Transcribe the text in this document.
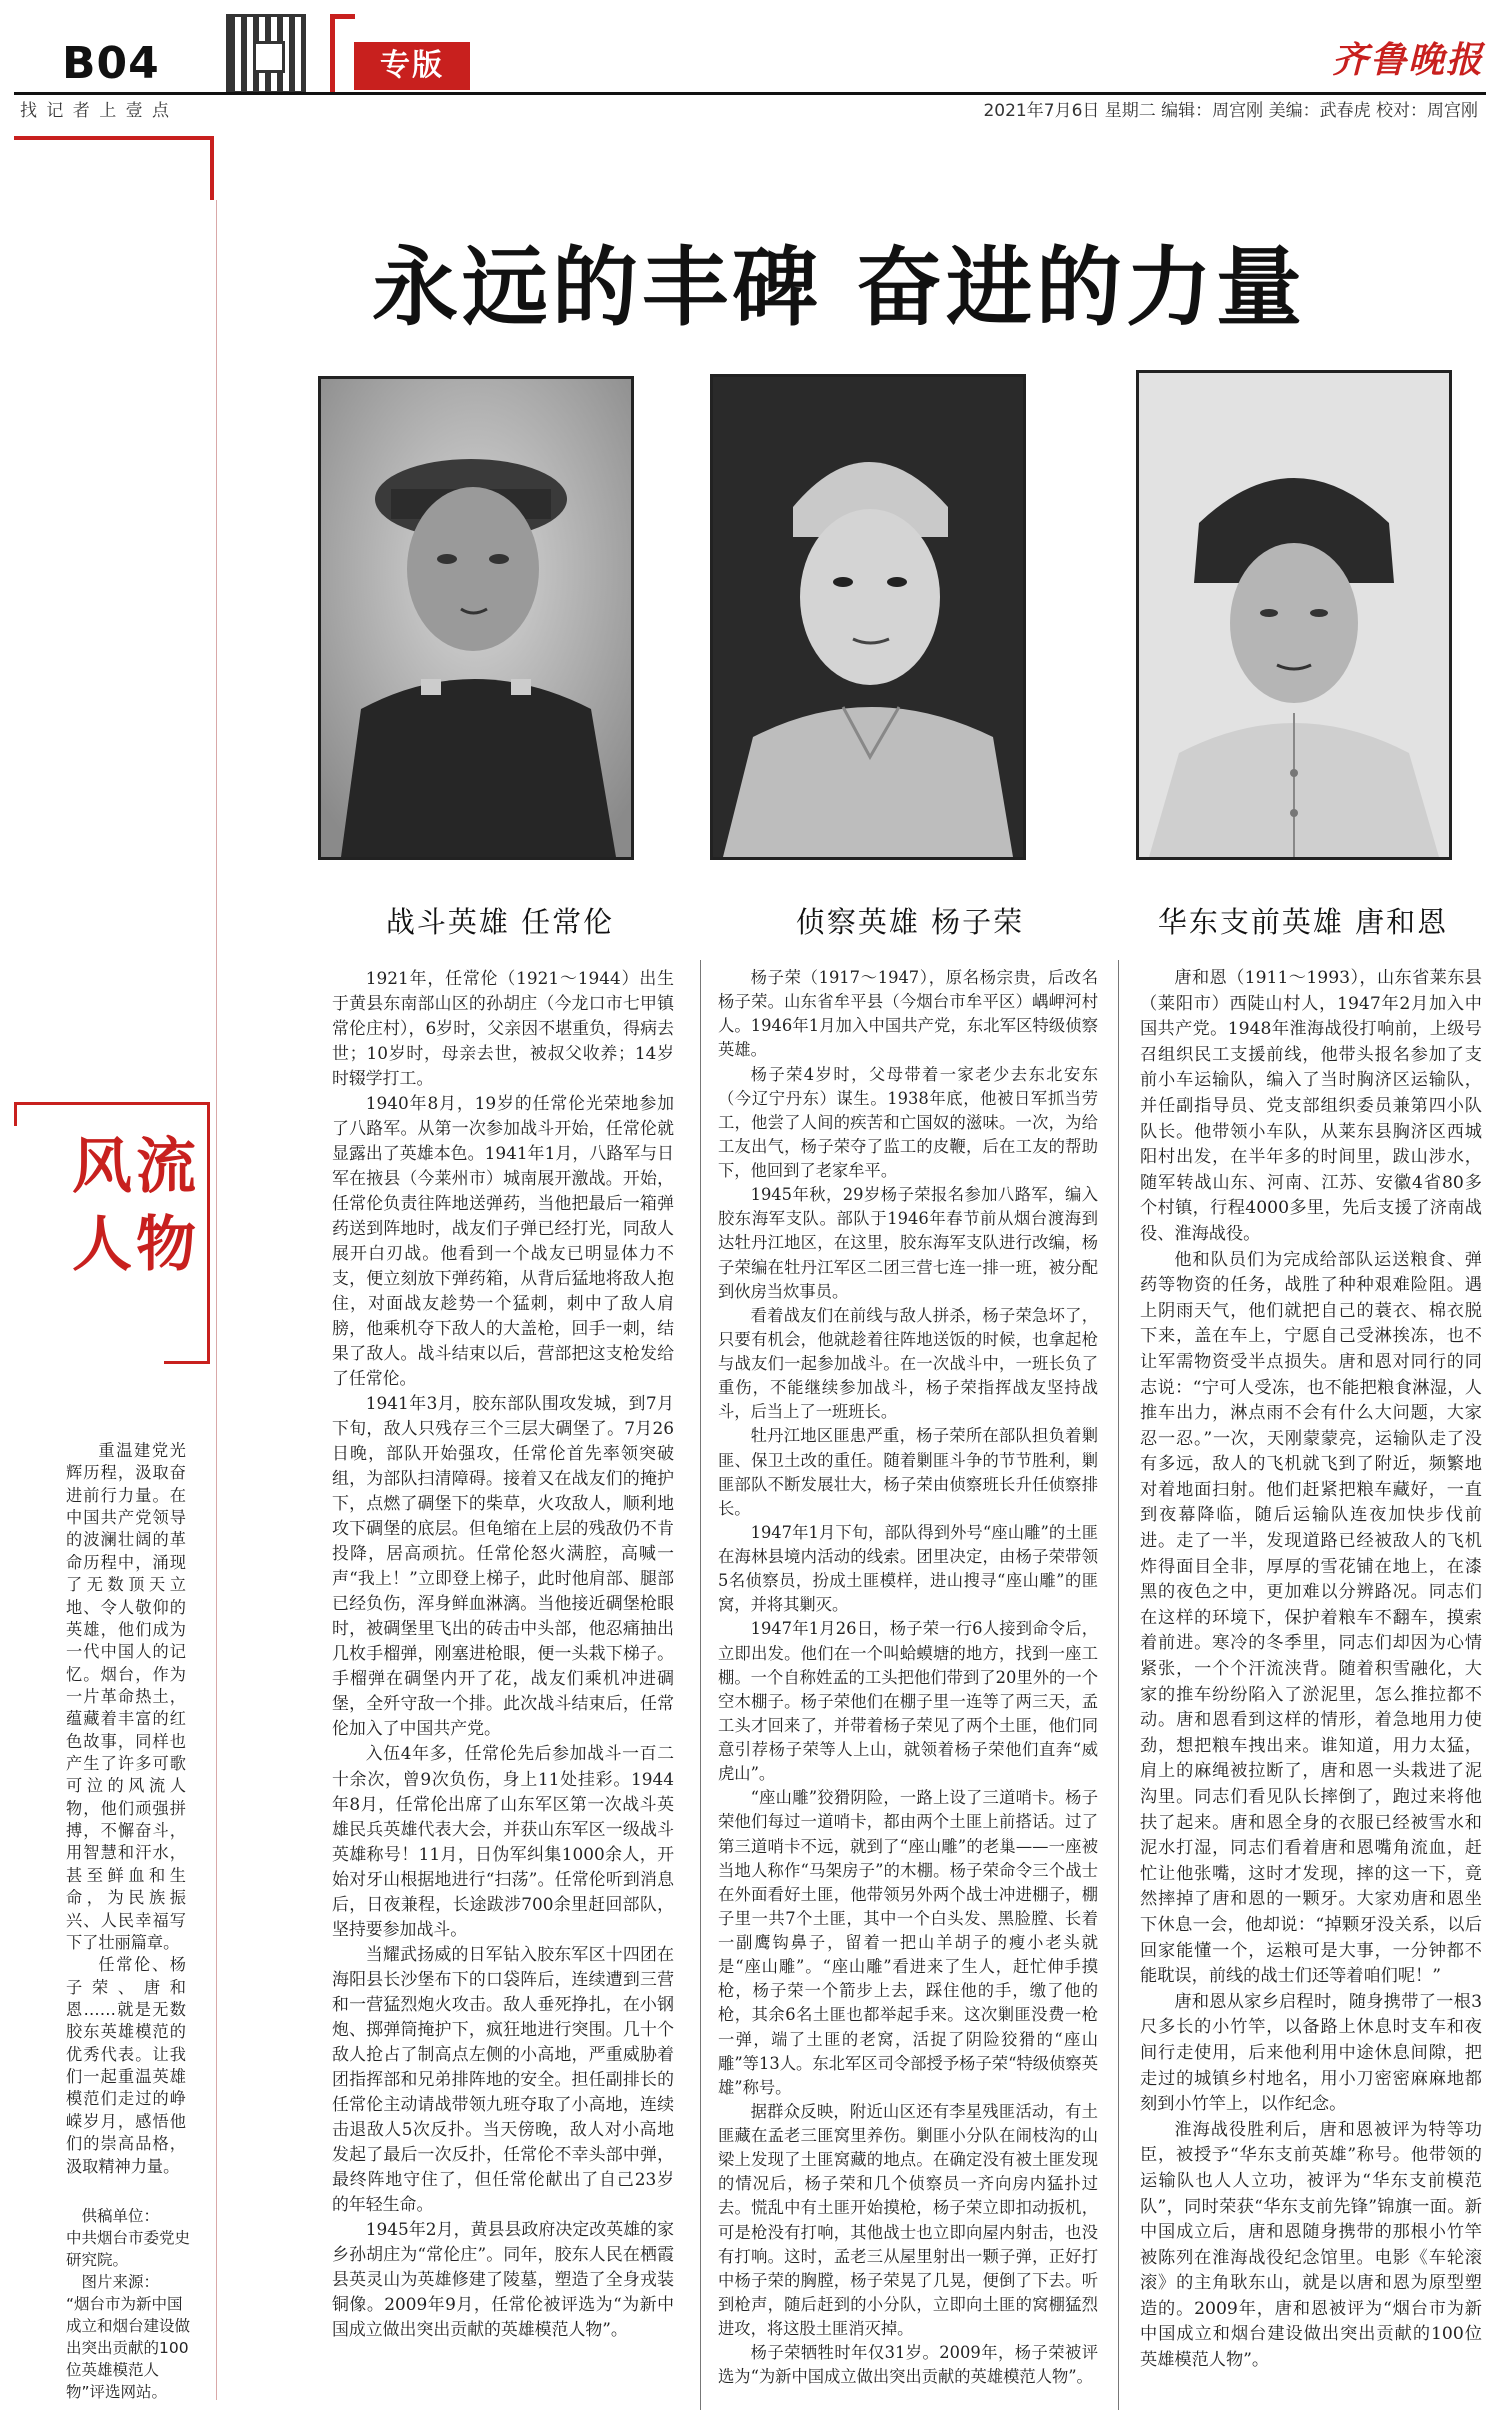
B04	专版	齐鲁晚报
找 记 者 上 壹 点	2021年7月6日 星期二 编辑：周宫刚 美编：武春虎 校对：周宫刚
永远的丰碑 奋进的力量
战斗英雄 任常伦	侦察英雄 杨子荣	华东支前英雄 唐和恩
风流人物

重温建党光辉历程，汲取奋进前行力量。在中国共产党领导的波澜壮阔的革命历程中，涌现了无数顶天立地、令人敬仰的英雄，他们成为一代中国人的记忆。烟台，作为一片革命热土，蕴藏着丰富的红色故事，同样也产生了许多可歌可泣的风流人物，他们顽强拼搏，不懈奋斗，用智慧和汗水，甚至鲜血和生命，为民族振兴、人民幸福写下了壮丽篇章。

任常伦、杨子荣、唐和恩……就是无数胶东英雄模范的优秀代表。让我们一起重温英雄模范们走过的峥嵘岁月，感悟他们的崇高品格，汲取精神力量。

供稿单位：

中共烟台市委党史研究院。

图片来源：

“烟台市为新中国成立和烟台建设做出突出贡献的100位英雄模范人物”评选网站。

1921年，任常伦（1921～1944）出生于黄县东南部山区的孙胡庄（今龙口市七甲镇常伦庄村），6岁时，父亲因不堪重负，得病去世；10岁时，母亲去世，被叔父收养；14岁时辍学打工。

1940年8月，19岁的任常伦光荣地参加了八路军。从第一次参加战斗开始，任常伦就显露出了英雄本色。1941年1月，八路军与日军在掖县（今莱州市）城南展开激战。开始，任常伦负责往阵地送弹药，当他把最后一箱弹药送到阵地时，战友们子弹已经打光，同敌人展开白刃战。他看到一个战友已明显体力不支，便立刻放下弹药箱，从背后猛地将敌人抱住，对面战友趁势一个猛刺，刺中了敌人肩膀，他乘机夺下敌人的大盖枪，回手一刺，结果了敌人。战斗结束以后，营部把这支枪发给了任常伦。

1941年3月，胶东部队围攻发城，到7月下旬，敌人只残存三个三层大碉堡了。7月26日晚，部队开始强攻，任常伦首先率领突破组，为部队扫清障碍。接着又在战友们的掩护下，点燃了碉堡下的柴草，火攻敌人，顺利地攻下碉堡的底层。但龟缩在上层的残敌仍不肯投降，居高顽抗。任常伦怒火满腔，高喊一声“我上！”立即登上梯子，此时他肩部、腿部已经负伤，浑身鲜血淋漓。当他接近碉堡枪眼时，被碉堡里飞出的砖击中头部，他忍痛抽出几枚手榴弹，刚塞进枪眼，便一头栽下梯子。手榴弹在碉堡内开了花，战友们乘机冲进碉堡，全歼守敌一个排。此次战斗结束后，任常伦加入了中国共产党。

入伍4年多，任常伦先后参加战斗一百二十余次，曾9次负伤，身上11处挂彩。1944年8月，任常伦出席了山东军区第一次战斗英雄民兵英雄代表大会，并获山东军区一级战斗英雄称号！11月，日伪军纠集1000余人，开始对牙山根据地进行“扫荡”。任常伦听到消息后，日夜兼程，长途跋涉700余里赶回部队，坚持要参加战斗。

当耀武扬威的日军钻入胶东军区十四团在海阳县长沙堡布下的口袋阵后，连续遭到三营和一营猛烈炮火攻击。敌人垂死挣扎，在小钢炮、掷弹筒掩护下，疯狂地进行突围。几十个敌人抢占了制高点左侧的小高地，严重威胁着团指挥部和兄弟排阵地的安全。担任副排长的任常伦主动请战带领九班夺取了小高地，连续击退敌人5次反扑。当天傍晚，敌人对小高地发起了最后一次反扑，任常伦不幸头部中弹，最终阵地守住了，但任常伦献出了自己23岁的年轻生命。

1945年2月，黄县县政府决定改英雄的家乡孙胡庄为“常伦庄”。同年，胶东人民在栖霞县英灵山为英雄修建了陵墓，塑造了全身戎装铜像。2009年9月，任常伦被评选为“为新中国成立做出突出贡献的英雄模范人物”。

杨子荣（1917～1947），原名杨宗贵，后改名杨子荣。山东省牟平县（今烟台市牟平区）嵎岬河村人。1946年1月加入中国共产党，东北军区特级侦察英雄。

杨子荣4岁时，父母带着一家老少去东北安东（今辽宁丹东）谋生。1938年底，他被日军抓当劳工，他尝了人间的疾苦和亡国奴的滋味。一次，为给工友出气，杨子荣夺了监工的皮鞭，后在工友的帮助下，他回到了老家牟平。

1945年秋，29岁杨子荣报名参加八路军，编入胶东海军支队。部队于1946年春节前从烟台渡海到达牡丹江地区，在这里，胶东海军支队进行改编，杨子荣编在牡丹江军区二团三营七连一排一班，被分配到伙房当炊事员。

看着战友们在前线与敌人拼杀，杨子荣急坏了，只要有机会，他就趁着往阵地送饭的时候，也拿起枪与战友们一起参加战斗。在一次战斗中，一班长负了重伤，不能继续参加战斗，杨子荣指挥战友坚持战斗，后当上了一班班长。

牡丹江地区匪患严重，杨子荣所在部队担负着剿匪、保卫土改的重任。随着剿匪斗争的节节胜利，剿匪部队不断发展壮大，杨子荣由侦察班长升任侦察排长。

1947年1月下旬，部队得到外号“座山雕”的土匪在海林县境内活动的线索。团里决定，由杨子荣带领5名侦察员，扮成土匪模样，进山搜寻“座山雕”的匪窝，并将其剿灭。

1947年1月26日，杨子荣一行6人接到命令后，立即出发。他们在一个叫蛤蟆塘的地方，找到一座工棚。一个自称姓孟的工头把他们带到了20里外的一个空木棚子。杨子荣他们在棚子里一连等了两三天，孟工头才回来了，并带着杨子荣见了两个土匪，他们同意引荐杨子荣等人上山，就领着杨子荣他们直奔“威虎山”。

“座山雕”狡猾阴险，一路上设了三道哨卡。杨子荣他们每过一道哨卡，都由两个土匪上前搭话。过了第三道哨卡不远，就到了“座山雕”的老巢——一座被当地人称作“马架房子”的木棚。杨子荣命令三个战士在外面看好土匪，他带领另外两个战士冲进棚子，棚子里一共7个土匪，其中一个白头发、黑脸膛、长着一副鹰钩鼻子，留着一把山羊胡子的瘦小老头就是“座山雕”。“座山雕”看进来了生人，赶忙伸手摸枪，杨子荣一个箭步上去，踩住他的手，缴了他的枪，其余6名土匪也都举起手来。这次剿匪没费一枪一弹，端了土匪的老窝，活捉了阴险狡猾的“座山雕”等13人。东北军区司令部授予杨子荣“特级侦察英雄”称号。

据群众反映，附近山区还有李星残匪活动，有土匪藏在孟老三匪窝里养伤。剿匪小分队在闹枝沟的山梁上发现了土匪窝藏的地点。在确定没有被土匪发现的情况后，杨子荣和几个侦察员一齐向房内猛扑过去。慌乱中有土匪开始摸枪，杨子荣立即扣动扳机，可是枪没有打响，其他战士也立即向屋内射击，也没有打响。这时，孟老三从屋里射出一颗子弹，正好打中杨子荣的胸膛，杨子荣晃了几晃，便倒了下去。听到枪声，随后赶到的小分队，立即向土匪的窝棚猛烈进攻，将这股土匪消灭掉。

杨子荣牺牲时年仅31岁。2009年，杨子荣被评选为“为新中国成立做出突出贡献的英雄模范人物”。

唐和恩（1911～1993），山东省莱东县（莱阳市）西陡山村人，1947年2月加入中国共产党。1948年淮海战役打响前，上级号召组织民工支援前线，他带头报名参加了支前小车运输队，编入了当时胸济区运输队，并任副指导员、党支部组织委员兼第四小队队长。他带领小车队，从莱东县胸济区西城阳村出发，在半年多的时间里，跋山涉水，随军转战山东、河南、江苏、安徽4省80多个村镇，行程4000多里，先后支援了济南战役、淮海战役。

他和队员们为完成给部队运送粮食、弹药等物资的任务，战胜了种种艰难险阻。遇上阴雨天气，他们就把自己的蓑衣、棉衣脱下来，盖在车上，宁愿自己受淋挨冻，也不让军需物资受半点损失。唐和恩对同行的同志说：“宁可人受冻，也不能把粮食淋湿，人推车出力，淋点雨不会有什么大问题，大家忍一忍。”一次，天刚蒙蒙亮，运输队走了没有多远，敌人的飞机就飞到了附近，频繁地对着地面扫射。他们赶紧把粮车藏好，一直到夜幕降临，随后运输队连夜加快步伐前进。走了一半，发现道路已经被敌人的飞机炸得面目全非，厚厚的雪花铺在地上，在漆黑的夜色之中，更加难以分辨路况。同志们在这样的环境下，保护着粮车不翻车，摸索着前进。寒冷的冬季里，同志们却因为心情紧张，一个个汗流浃背。随着积雪融化，大家的推车纷纷陷入了淤泥里，怎么推拉都不动。唐和恩看到这样的情形，着急地用力使劲，想把粮车拽出来。谁知道，用力太猛，肩上的麻绳被拉断了，唐和恩一头栽进了泥沟里。同志们看见队长摔倒了，跑过来将他扶了起来。唐和恩全身的衣服已经被雪水和泥水打湿，同志们看着唐和恩嘴角流血，赶忙让他张嘴，这时才发现，摔的这一下，竟然摔掉了唐和恩的一颗牙。大家劝唐和恩坐下休息一会，他却说：“掉颗牙没关系，以后回家能懂一个，运粮可是大事，一分钟都不能耽误，前线的战士们还等着咱们呢！”

唐和恩从家乡启程时，随身携带了一根3尺多长的小竹竿，以备路上休息时支车和夜间行走使用，后来他利用中途休息间隙，把走过的城镇乡村地名，用小刀密密麻麻地都刻到小竹竿上，以作纪念。

淮海战役胜利后，唐和恩被评为特等功臣，被授予“华东支前英雄”称号。他带领的运输队也人人立功，被评为“华东支前模范队”，同时荣获“华东支前先锋”锦旗一面。新中国成立后，唐和恩随身携带的那根小竹竿被陈列在淮海战役纪念馆里。电影《车轮滚滚》的主角耿东山，就是以唐和恩为原型塑造的。2009年，唐和恩被评为“烟台市为新中国成立和烟台建设做出突出贡献的100位英雄模范人物”。
